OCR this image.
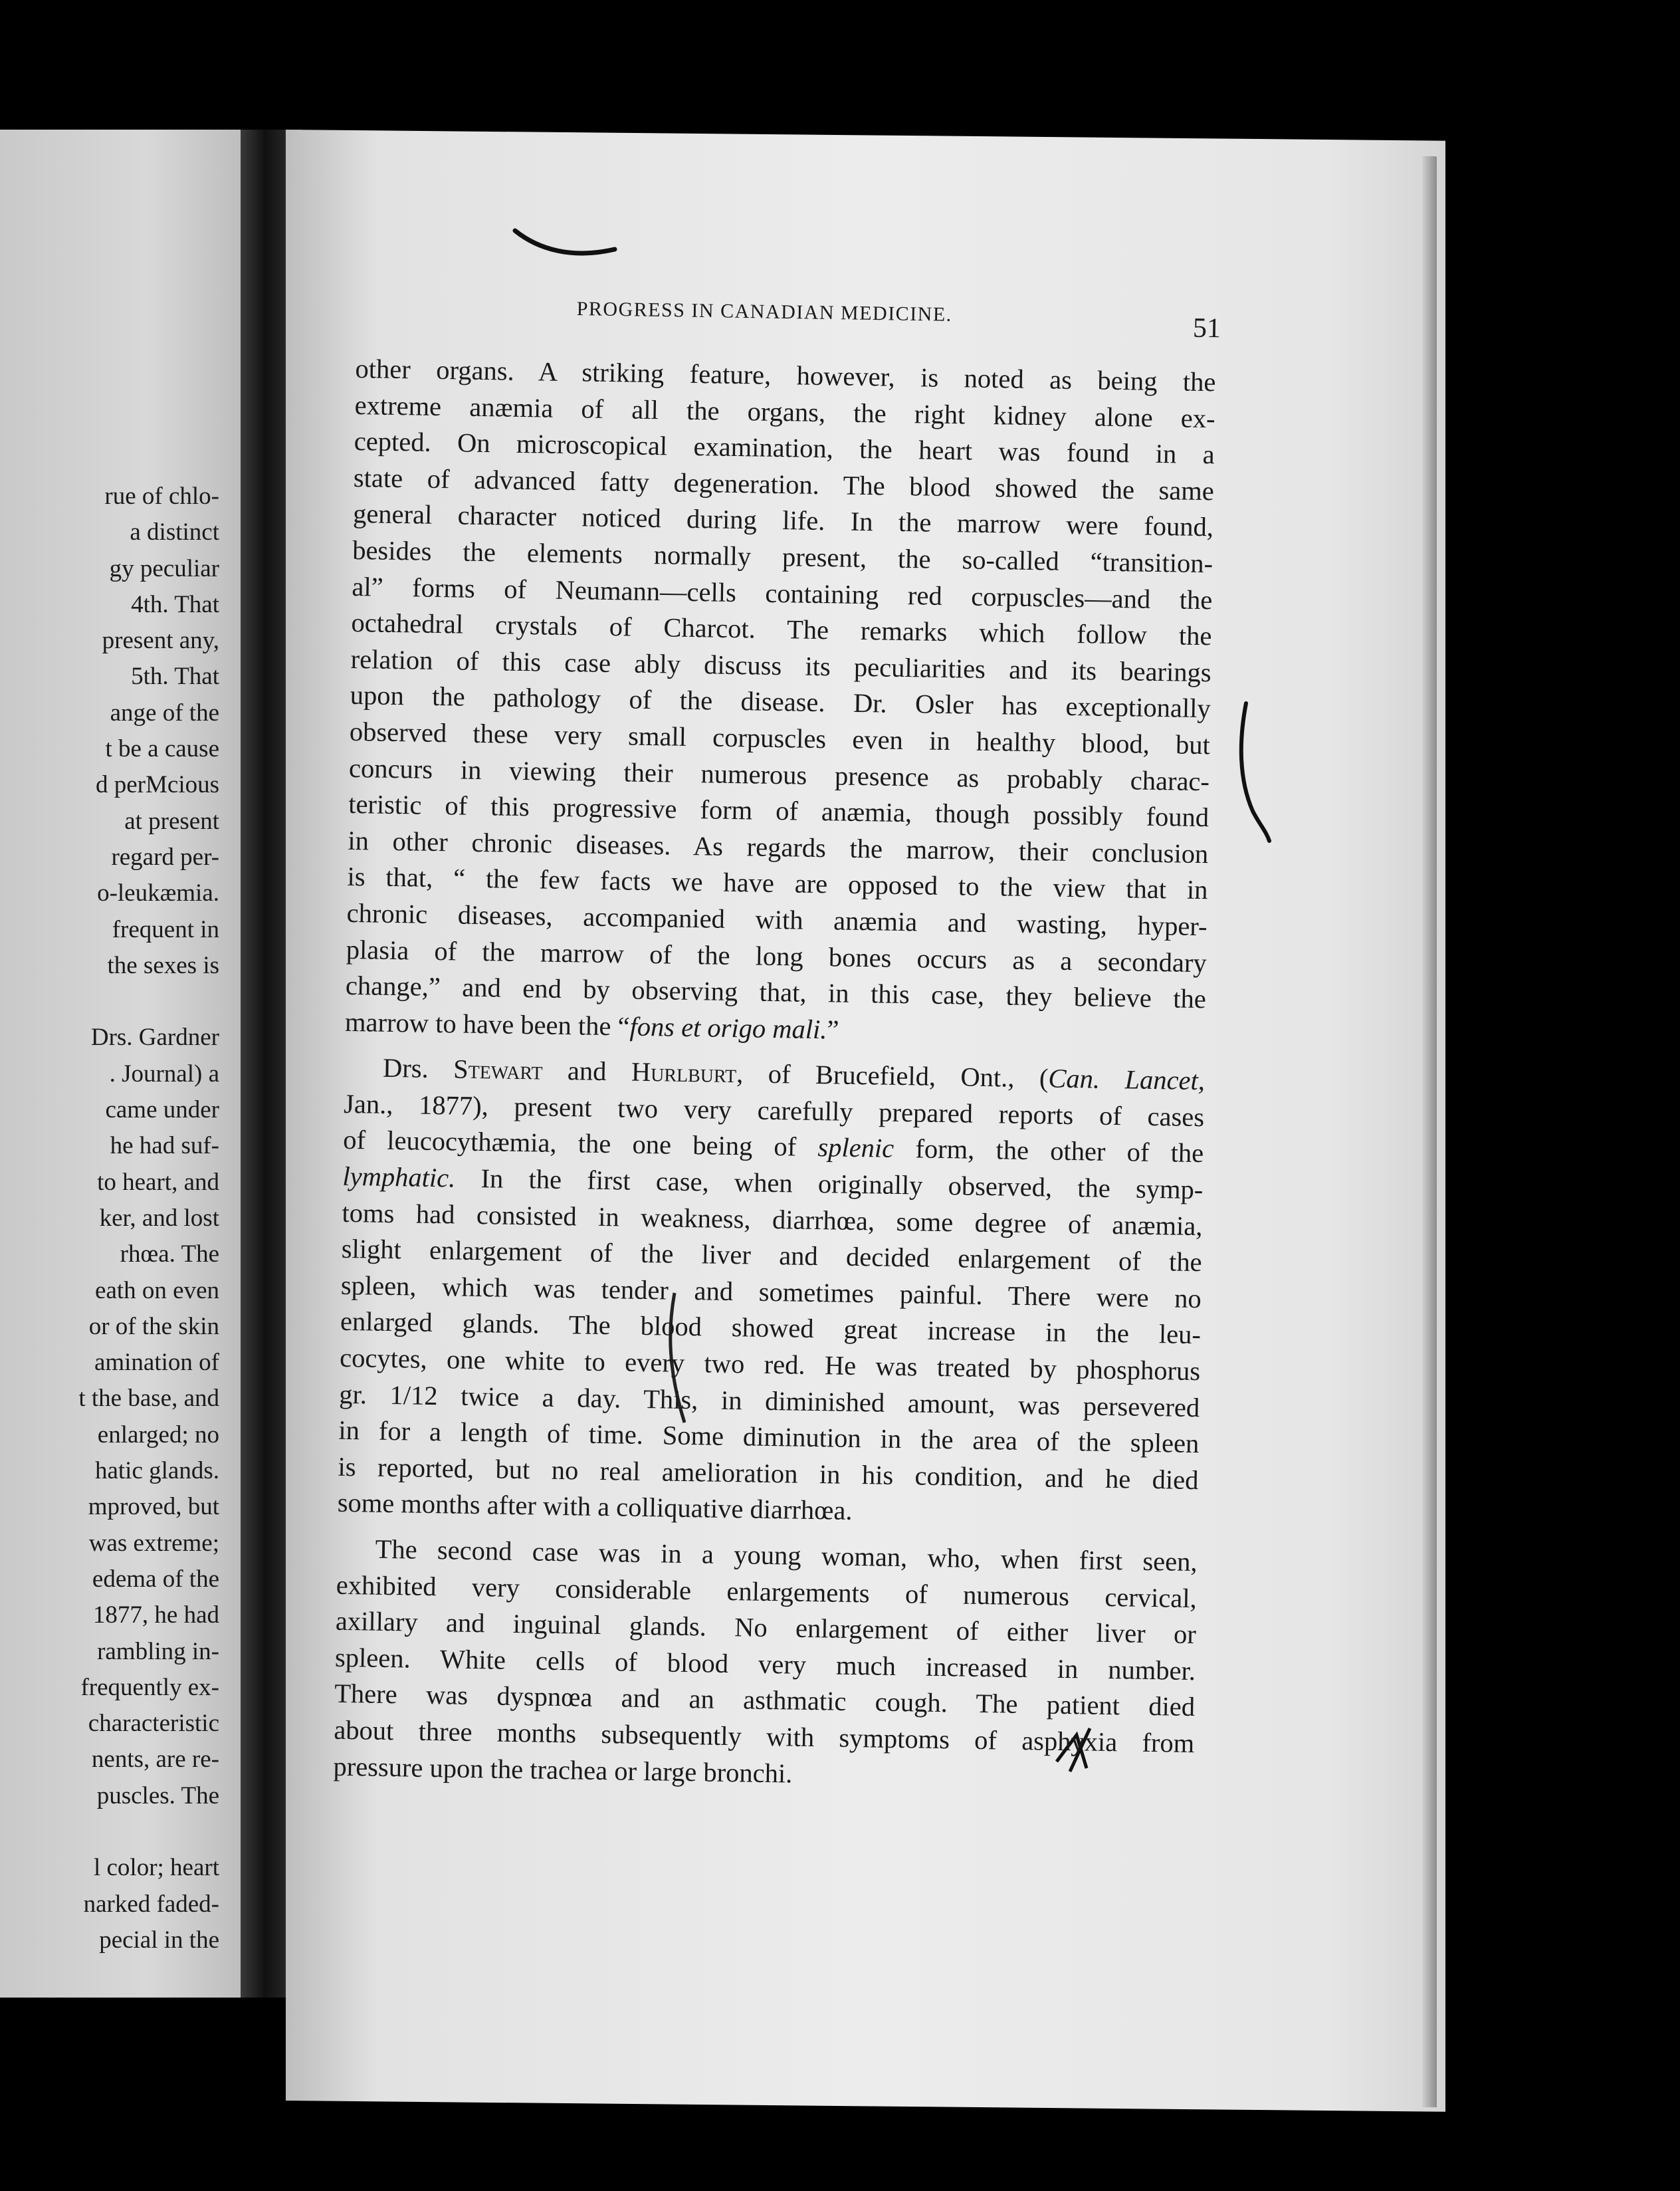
rue of chlo-
a distinct
gy peculiar
4th. That
present any,
5th. That
ange of the
t be a cause
d perMcious
at present
regard per-
o-leukæmia.
frequent in
the sexes is
Drs. Gardner
. Journal) a
came under
he had suf-
to heart, and
ker, and lost
rhœa. The
eath on even
or of the skin
amination of
t the base, and
enlarged; no
hatic glands.
mproved, but
was extreme;
edema of the
1877, he had
rambling in-
frequently ex-
characteristic
nents, are re-
puscles. The
l color; heart
narked faded-
pecial in the
PROGRESS IN CANADIAN MEDICINE.
51
other organs. A striking feature, however, is noted as being the
extreme anæmia of all the organs, the right kidney alone ex-
cepted. On microscopical examination, the heart was found in a
state of advanced fatty degeneration. The blood showed the same
general character noticed during life. In the marrow were found,
besides the elements normally present, the so-called “transition-
al” forms of Neumann—cells containing red corpuscles—and the
octahedral crystals of Charcot. The remarks which follow the
relation of this case ably discuss its peculiarities and its bearings
upon the pathology of the disease. Dr. Osler has exceptionally
observed these very small corpuscles even in healthy blood, but
concurs in viewing their numerous presence as probably charac-
teristic of this progressive form of anæmia, though possibly found
in other chronic diseases. As regards the marrow, their conclusion
is that, “ the few facts we have are opposed to the view that in
chronic diseases, accompanied with anæmia and wasting, hyper-
plasia of the marrow of the long bones occurs as a secondary
change,” and end by observing that, in this case, they believe the
marrow to have been the “fons et origo mali.”
Drs. Stewart and Hurlburt, of Brucefield, Ont., (Can. Lancet,
Jan., 1877), present two very carefully prepared reports of cases
of leucocythæmia, the one being of splenic form, the other of the
lymphatic. In the first case, when originally observed, the symp-
toms had consisted in weakness, diarrhœa, some degree of anæmia,
slight enlargement of the liver and decided enlargement of the
spleen, which was tender and sometimes painful. There were no
enlarged glands. The blood showed great increase in the leu-
cocytes, one white to every two red. He was treated by phosphorus
gr. 1/12 twice a day. This, in diminished amount, was persevered
in for a length of time. Some diminution in the area of the spleen
is reported, but no real amelioration in his condition, and he died
some months after with a colliquative diarrhœa.
The second case was in a young woman, who, when first seen,
exhibited very considerable enlargements of numerous cervical,
axillary and inguinal glands. No enlargement of either liver or
spleen. White cells of blood very much increased in number.
There was dyspnœa and an asthmatic cough. The patient died
about three months subsequently with symptoms of asphyxia from
pressure upon the trachea or large bronchi.
